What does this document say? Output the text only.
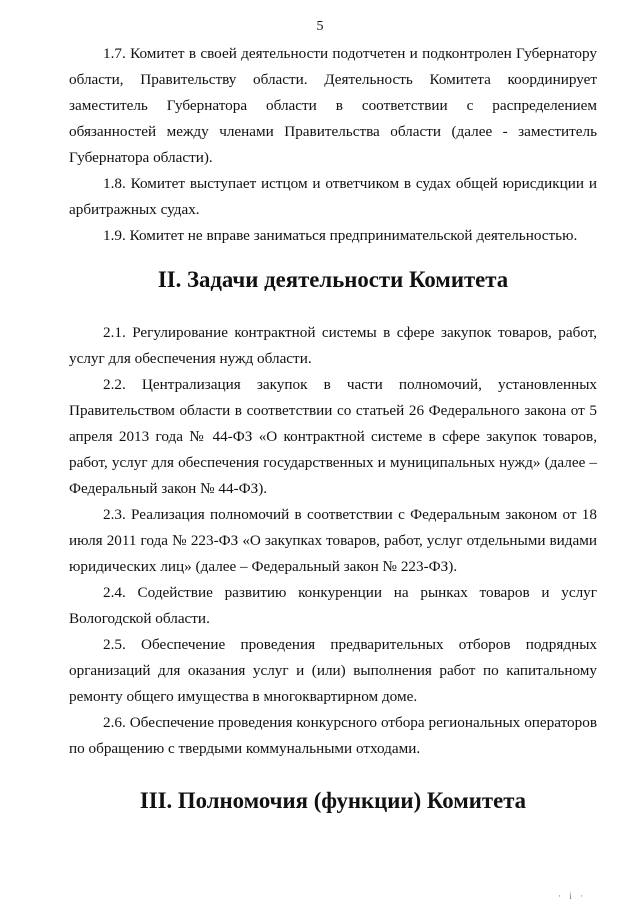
5

1.7. Комитет в своей деятельности подотчетен и подконтролен Губернатору области, Правительству области. Деятельность Комитета координирует заместитель Губернатора области в соответствии с распределением обязанностей между членами Правительства области (далее - заместитель Губернатора области).

1.8. Комитет выступает истцом и ответчиком в судах общей юрисдикции и арбитражных судах.

1.9. Комитет не вправе заниматься предпринимательской деятельностью.

II. Задачи деятельности Комитета

2.1. Регулирование контрактной системы в сфере закупок товаров, работ, услуг для обеспечения нужд области.

2.2. Централизация закупок в части полномочий, установленных Правительством области в соответствии со статьей 26 Федерального закона от 5 апреля 2013 года № 44-ФЗ «О контрактной системе в сфере закупок товаров, работ, услуг для обеспечения государственных и муниципальных нужд» (далее – Федеральный закон № 44-ФЗ).

2.3. Реализация полномочий в соответствии с Федеральным законом от 18 июля 2011 года № 223-ФЗ «О закупках товаров, работ, услуг отдельными видами юридических лиц» (далее – Федеральный закон № 223-ФЗ).

2.4. Содействие развитию конкуренции на рынках товаров и услуг Вологодской области.

2.5. Обеспечение проведения предварительных отборов подрядных организаций для оказания услуг и (или) выполнения работ по капитальному ремонту общего имущества в многоквартирном доме.

2.6. Обеспечение проведения конкурсного отбора региональных операторов по обращению с твердыми коммунальными отходами.

III. Полномочия (функции) Комитета
· i ·
